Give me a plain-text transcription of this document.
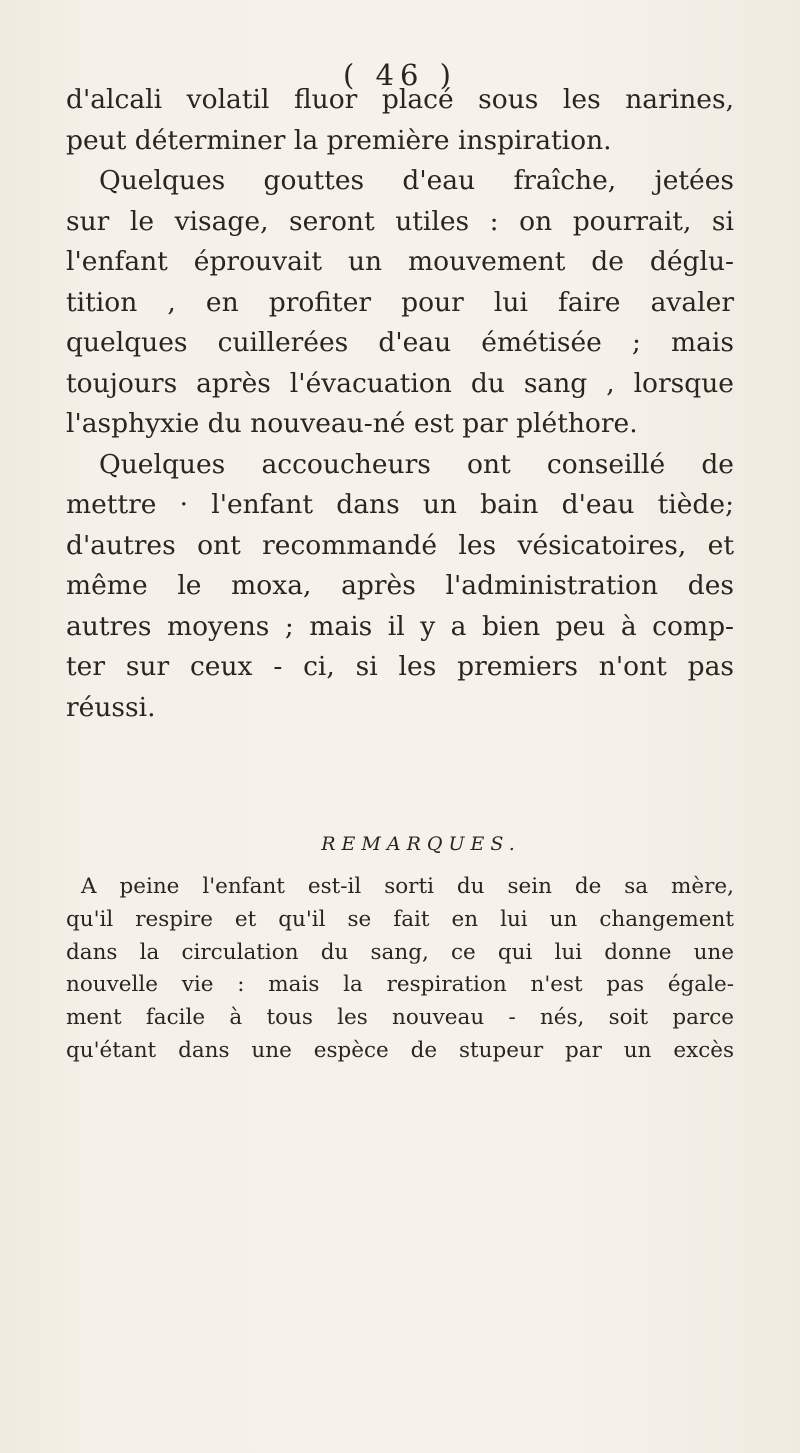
( 46 )

d'alcali volatil fluor placé sous les narines,
peut déterminer la première inspiration.

Quelques gouttes d'eau fraîche, jetées
sur le visage, seront utiles : on pourrait, si
l'enfant éprouvait un mouvement de déglu-
tition , en profiter pour lui faire avaler
quelques cuillerées d'eau émétisée ; mais
toujours après l'évacuation du sang , lorsque
l'asphyxie du nouveau-né est par pléthore.

Quelques accoucheurs ont conseillé de
mettre · l'enfant dans un bain d'eau tiède;
d'autres ont recommandé les vésicatoires, et
même le moxa, après l'administration des
autres moyens ; mais il y a bien peu à comp-
ter sur ceux - ci, si les premiers n'ont pas
réussi.

REMARQUES.
A peine l'enfant est-il sorti du sein de sa mère,
qu'il respire et qu'il se fait en lui un changement
dans la circulation du sang, ce qui lui donne une
nouvelle vie : mais la respiration n'est pas égale-
ment facile à tous les nouveau - nés, soit parce
qu'étant dans une espèce de stupeur par un excès
